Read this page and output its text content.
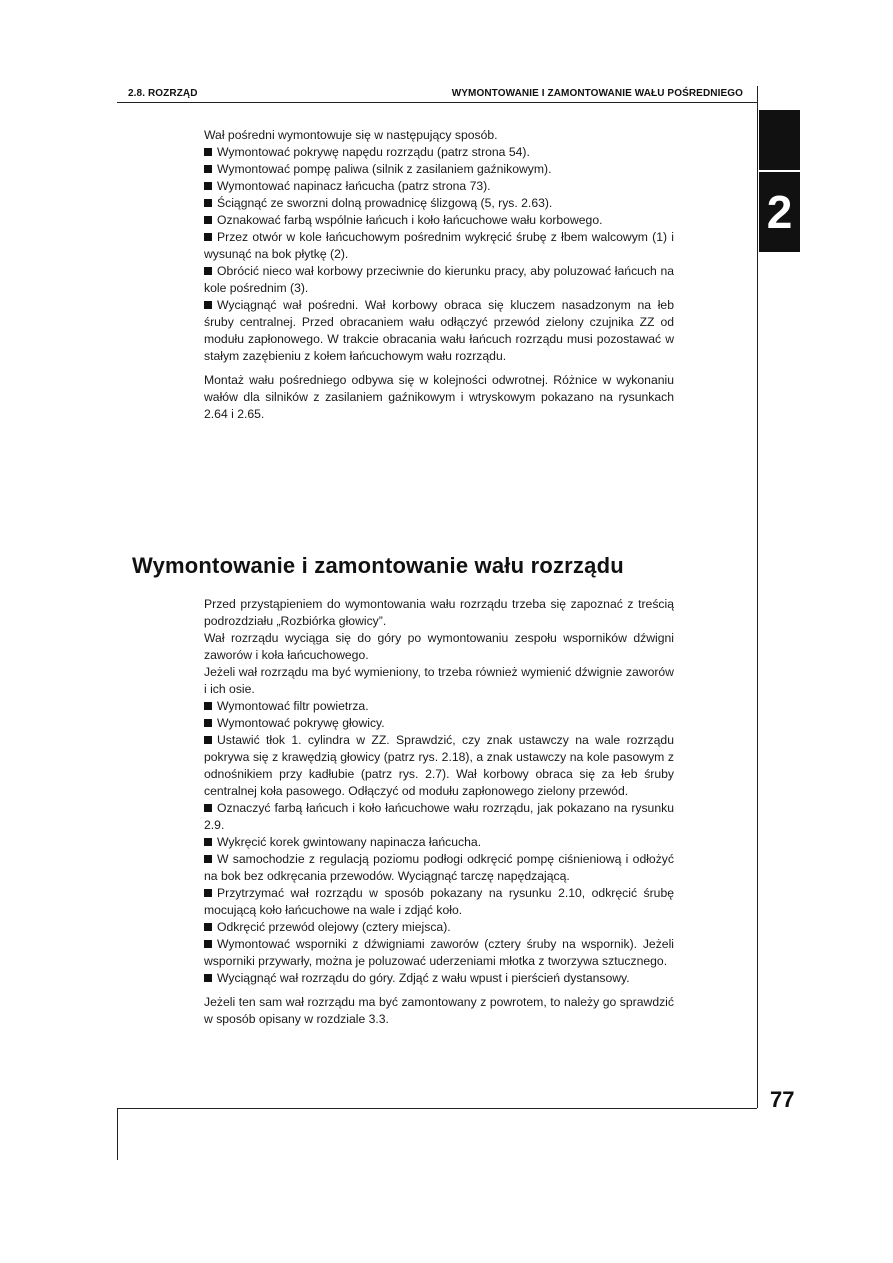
2.8. ROZRZĄD	WYMONTOWANIE I ZAMONTOWANIE WAŁU POŚREDNIEGO
2

Wał pośredni wymontowuje się w następujący sposób.

Wymontować pokrywę napędu rozrządu (patrz strona 54).

Wymontować pompę paliwa (silnik z zasilaniem gaźnikowym).

Wymontować napinacz łańcucha (patrz strona 73).

Ściągnąć ze sworzni dolną prowadnicę ślizgową (5, rys. 2.63).

Oznakować farbą wspólnie łańcuch i koło łańcuchowe wału korbowego.

Przez otwór w kole łańcuchowym pośrednim wykręcić śrubę z łbem walcowym (1) i wysunąć na bok płytkę (2).

Obrócić nieco wał korbowy przeciwnie do kierunku pracy, aby poluzować łańcuch na kole pośrednim (3).

Wyciągnąć wał pośredni. Wał korbowy obraca się kluczem nasadzonym na łeb śruby centralnej. Przed obracaniem wału odłączyć przewód zielony czujnika ZZ od modułu zapłonowego. W trakcie obracania wału łańcuch rozrządu musi pozostawać w stałym zazębieniu z kołem łańcuchowym wału rozrządu.

Montaż wału pośredniego odbywa się w kolejności odwrotnej. Różnice w wykonaniu wałów dla silników z zasilaniem gaźnikowym i wtryskowym pokazano na rysunkach 2.64 i 2.65.

Wymontowanie i zamontowanie wału rozrządu

Przed przystąpieniem do wymontowania wału rozrządu trzeba się zapoznać z treścią podrozdziału „Rozbiórka głowicy”.

Wał rozrządu wyciąga się do góry po wymontowaniu zespołu wsporników dźwigni zaworów i koła łańcuchowego.

Jeżeli wał rozrządu ma być wymieniony, to trzeba również wymienić dźwignie zaworów i ich osie.

Wymontować filtr powietrza.

Wymontować pokrywę głowicy.

Ustawić tłok 1. cylindra w ZZ. Sprawdzić, czy znak ustawczy na wale rozrządu pokrywa się z krawędzią głowicy (patrz rys. 2.18), a znak ustawczy na kole pasowym z odnośnikiem przy kadłubie (patrz rys. 2.7). Wał korbowy obraca się za łeb śruby centralnej koła pasowego. Odłączyć od modułu zapłonowego zielony przewód.

Oznaczyć farbą łańcuch i koło łańcuchowe wału rozrządu, jak pokazano na rysunku 2.9.

Wykręcić korek gwintowany napinacza łańcucha.

W samochodzie z regulacją poziomu podłogi odkręcić pompę ciśnieniową i odłożyć na bok bez odkręcania przewodów. Wyciągnąć tarczę napędzającą.

Przytrzymać wał rozrządu w sposób pokazany na rysunku 2.10, odkręcić śrubę mocującą koło łańcuchowe na wale i zdjąć koło.

Odkręcić przewód olejowy (cztery miejsca).

Wymontować wsporniki z dźwigniami zaworów (cztery śruby na wspornik). Jeżeli wsporniki przywarły, można je poluzować uderzeniami młotka z tworzywa sztucznego.

Wyciągnąć wał rozrządu do góry. Zdjąć z wału wpust i pierścień dystansowy.

Jeżeli ten sam wał rozrządu ma być zamontowany z powrotem, to należy go sprawdzić w sposób opisany w rozdziale 3.3.

77
